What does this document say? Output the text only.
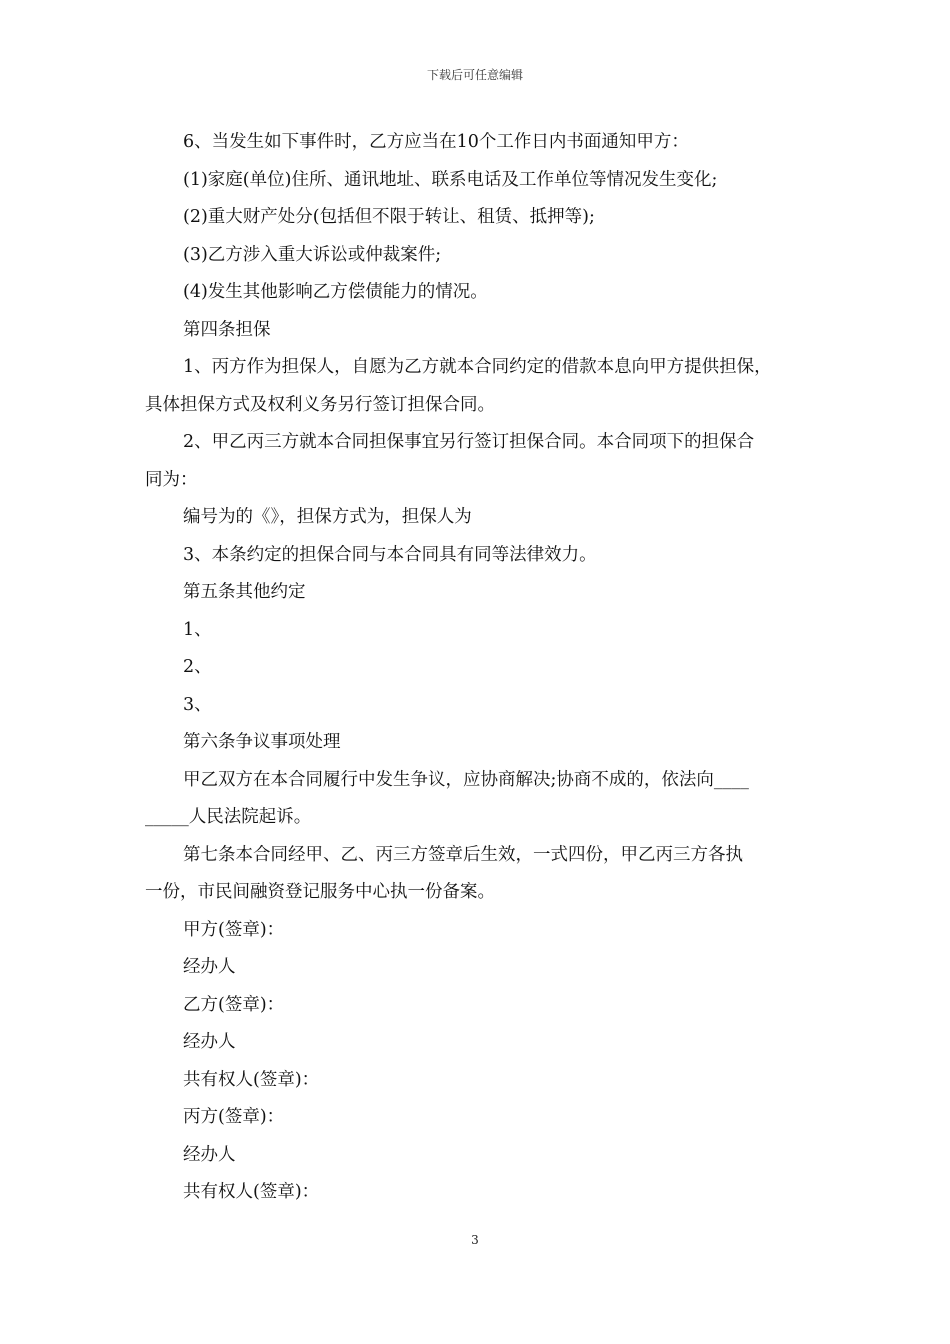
下载后可任意编辑

6、当发生如下事件时，乙方应当在10个工作日内书面通知甲方：

(1)家庭(单位)住所、通讯地址、联系电话及工作单位等情况发生变化;

(2)重大财产处分(包括但不限于转让、租赁、抵押等);

(3)乙方涉入重大诉讼或仲裁案件;

(4)发生其他影响乙方偿债能力的情况。

第四条担保

1、丙方作为担保人，自愿为乙方就本合同约定的借款本息向甲方提供担保，

具体担保方式及权利义务另行签订担保合同。

2、甲乙丙三方就本合同担保事宜另行签订担保合同。本合同项下的担保合

同为：

编号为的《》，担保方式为，担保人为

3、本条约定的担保合同与本合同具有同等法律效力。

第五条其他约定

1、

2、

3、

第六条争议事项处理

甲乙双方在本合同履行中发生争议，应协商解决;协商不成的，依法向____

_____人民法院起诉。

第七条本合同经甲、乙、丙三方签章后生效，一式四份，甲乙丙三方各执

一份，市民间融资登记服务中心执一份备案。

甲方(签章)：

经办人

乙方(签章)：

经办人

共有权人(签章)：

丙方(签章)：

经办人

共有权人(签章)：

3
